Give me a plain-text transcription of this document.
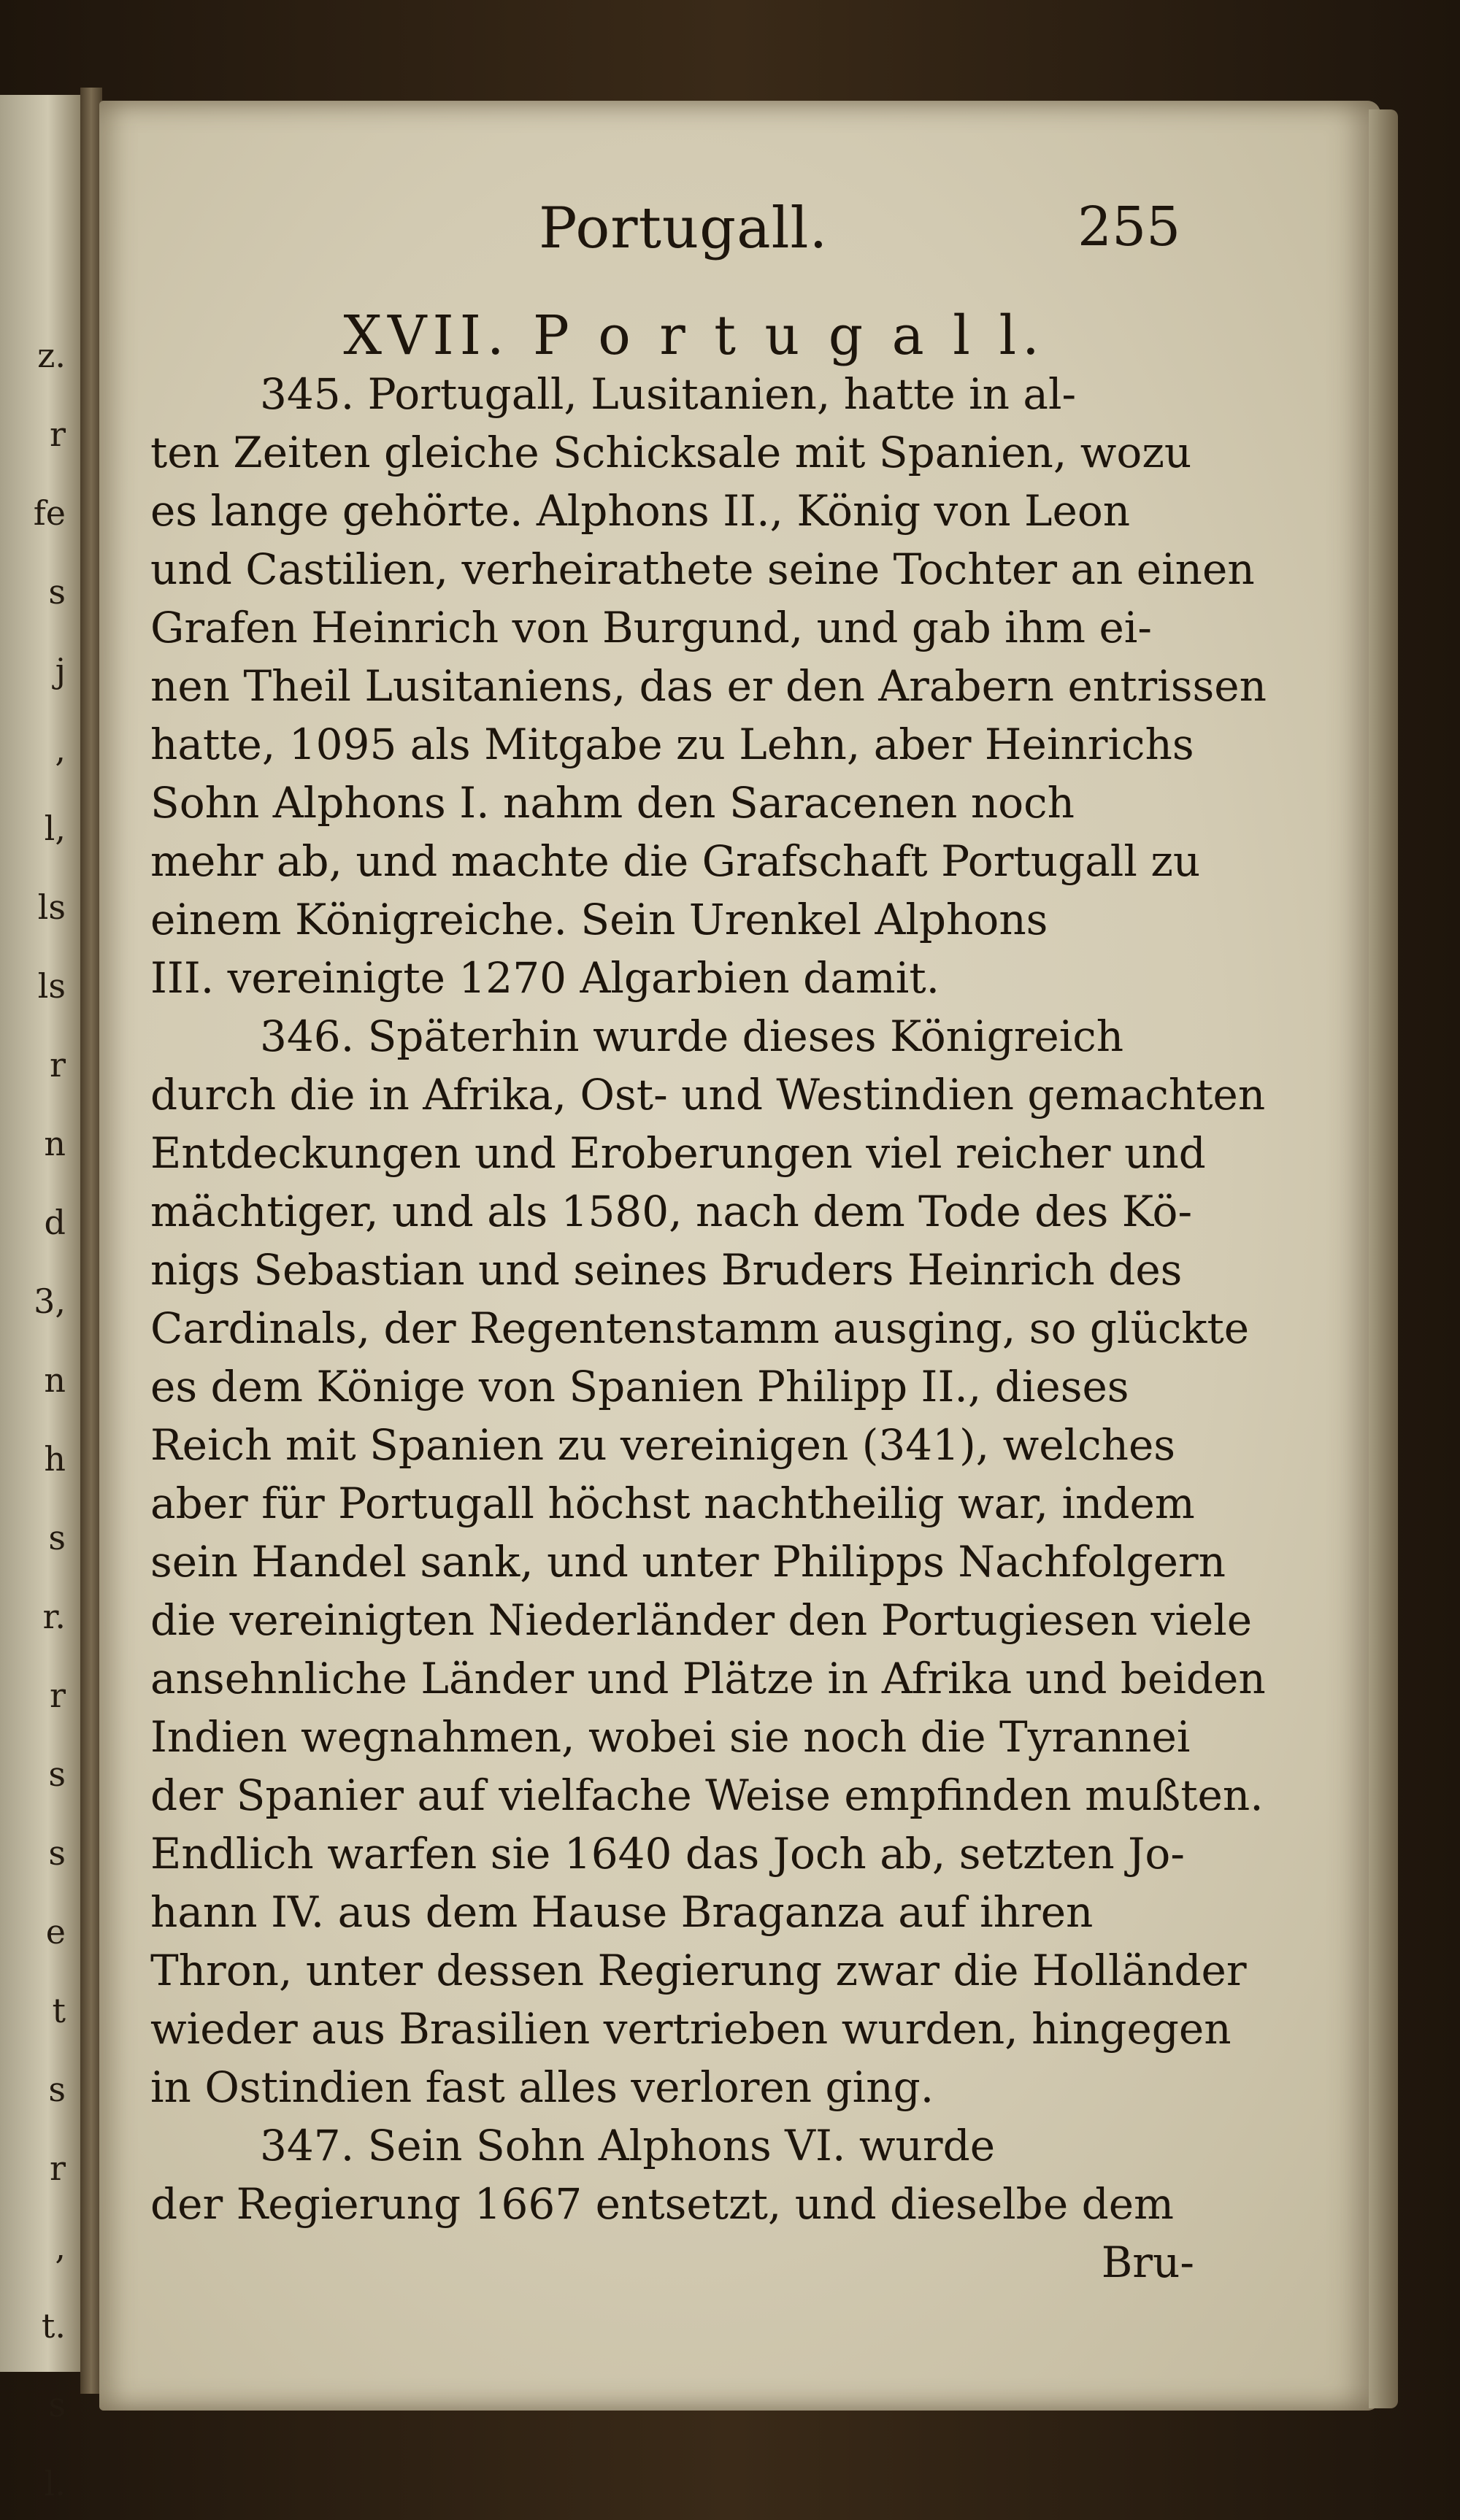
z.
r
fe
s
j
,
l,
ls
ls
r
n
d
3,
n
h
s
r.
r
s
s
e
t
s
r
,
t.
s
l.
Portugall.	255
XVII. P o r t u g a l l.
345. Portugall, Lusitanien, hatte in al-
ten Zeiten gleiche Schicksale mit Spanien, wozu
es lange gehörte. Alphons II., König von Leon
und Castilien, verheirathete seine Tochter an einen
Grafen Heinrich von Burgund, und gab ihm ei-
nen Theil Lusitaniens, das er den Arabern entrissen
hatte, 1095 als Mitgabe zu Lehn, aber Heinrichs
Sohn Alphons I. nahm den Saracenen noch
mehr ab, und machte die Grafschaft Portugall zu
einem Königreiche. Sein Urenkel Alphons
III. vereinigte 1270 Algarbien damit.
346. Späterhin wurde dieses Königreich
durch die in Afrika, Ost- und Westindien gemachten
Entdeckungen und Eroberungen viel reicher und
mächtiger, und als 1580, nach dem Tode des Kö-
nigs Sebastian und seines Bruders Heinrich des
Cardinals, der Regentenstamm ausging, so glückte
es dem Könige von Spanien Philipp II., dieses
Reich mit Spanien zu vereinigen (341), welches
aber für Portugall höchst nachtheilig war, indem
sein Handel sank, und unter Philipps Nachfolgern
die vereinigten Niederländer den Portugiesen viele
ansehnliche Länder und Plätze in Afrika und beiden
Indien wegnahmen, wobei sie noch die Tyrannei
der Spanier auf vielfache Weise empfinden mußten.
Endlich warfen sie 1640 das Joch ab, setzten Jo-
hann IV. aus dem Hause Braganza auf ihren
Thron, unter dessen Regierung zwar die Holländer
wieder aus Brasilien vertrieben wurden, hingegen
in Ostindien fast alles verloren ging.
347. Sein Sohn Alphons VI. wurde
der Regierung 1667 entsetzt, und dieselbe dem
Bru-
